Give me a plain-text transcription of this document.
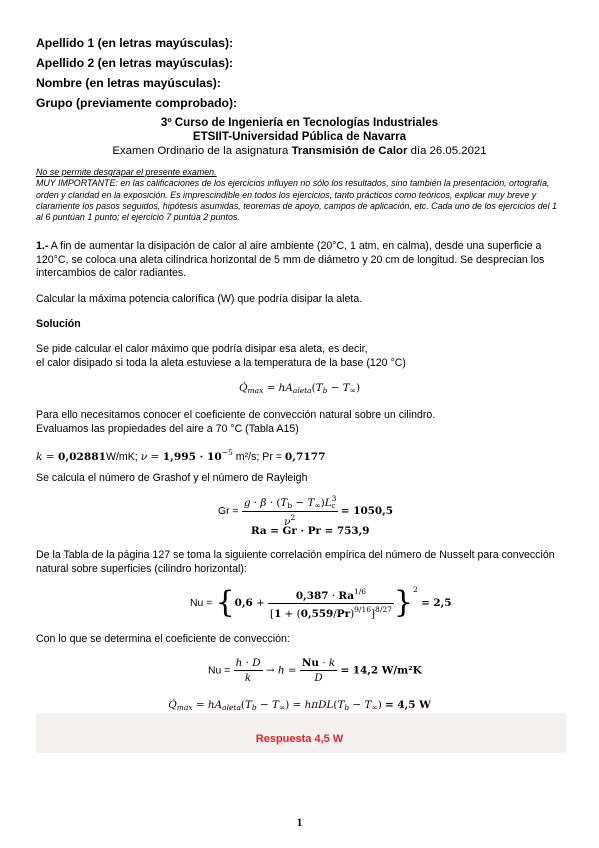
Apellido 1 (en letras mayúsculas):
Apellido 2 (en letras mayúsculas):
Nombre (en letras mayúsculas):
Grupo (previamente comprobado):
3º Curso de Ingeniería en Tecnologías Industriales
ETSIIT-Universidad Pública de Navarra
Examen Ordinario de la asignatura Transmisión de Calor día 26.05.2021
No se permite desgrapar el presente examen.
MUY IMPORTANTE: en las calificaciones de los ejercicios influyen no sólo los resultados, sino también la presentación, ortografía, orden y claridad en la exposición. Es imprescindible en todos los ejercicios, tanto prácticos como teóricos, explicar muy breve y claramente los pasos seguidos, hipótesis asumidas, teoremas de apoyo, campos de aplicación, etc. Cada uno de los ejercicios del 1 al 6 puntúan 1 punto; el ejercicio 7 puntúa 2 puntos.
1.- A fin de aumentar la disipación de calor al aire ambiente (20°C, 1 atm, en calma), desde una superficie a 120°C, se coloca una aleta cilíndrica horizontal de 5 mm de diámetro y 20 cm de longitud. Se desprecian los intercambios de calor radiantes.
Calcular la máxima potencia calorífica (W) que podría disipar la aleta.
Solución
Se pide calcular el calor máximo que podría disipar esa aleta, es decir,
el calor disipado si toda la aleta estuviese a la temperatura de la base (120 °C)
$Q̇_{max} = hA_{aleta}(T_b - T_\infty)$
Para ello necesitamos conocer el coeficiente de convección natural sobre un cilindro.
Evaluamos las propiedades del aire a 70 °C (Tabla A15)
k = 0,02881W/mK; $\nu = 1,995 \cdot 10^{-5}$ m²/s; Pr = 0,7177
Se calcula el número de Grashof y el número de Rayleigh
$Gr = \frac{g \cdot \beta \cdot (T_b - T_\infty)L^3_c}{\nu^2} = 1050,5$
Ra = Gr · Pr = 753,9
De la Tabla de la página 127 se toma la siguiente correlación empírica del número de Nusselt para convección natural sobre superficies (cilindro horizontal):
$Nu = \{0,6 + \frac{0,387 \cdot Ra^{1/6}}{[1 + (0,559/Pr)^{9/16}]^{8/27}} \}^2 = 2,5$
Con lo que se determina el coeficiente de convección:
$Nu = \frac{h \cdot D}{k} \to h = \frac{Nu \cdot k}{D} = 14,2$ W/m²K
$Q̇_{max} = hA_{aleta}(T_b - T_\infty) = h\pi DL(T_b - T_\infty) = 4,5$ W
Respuesta 4,5 W
1
